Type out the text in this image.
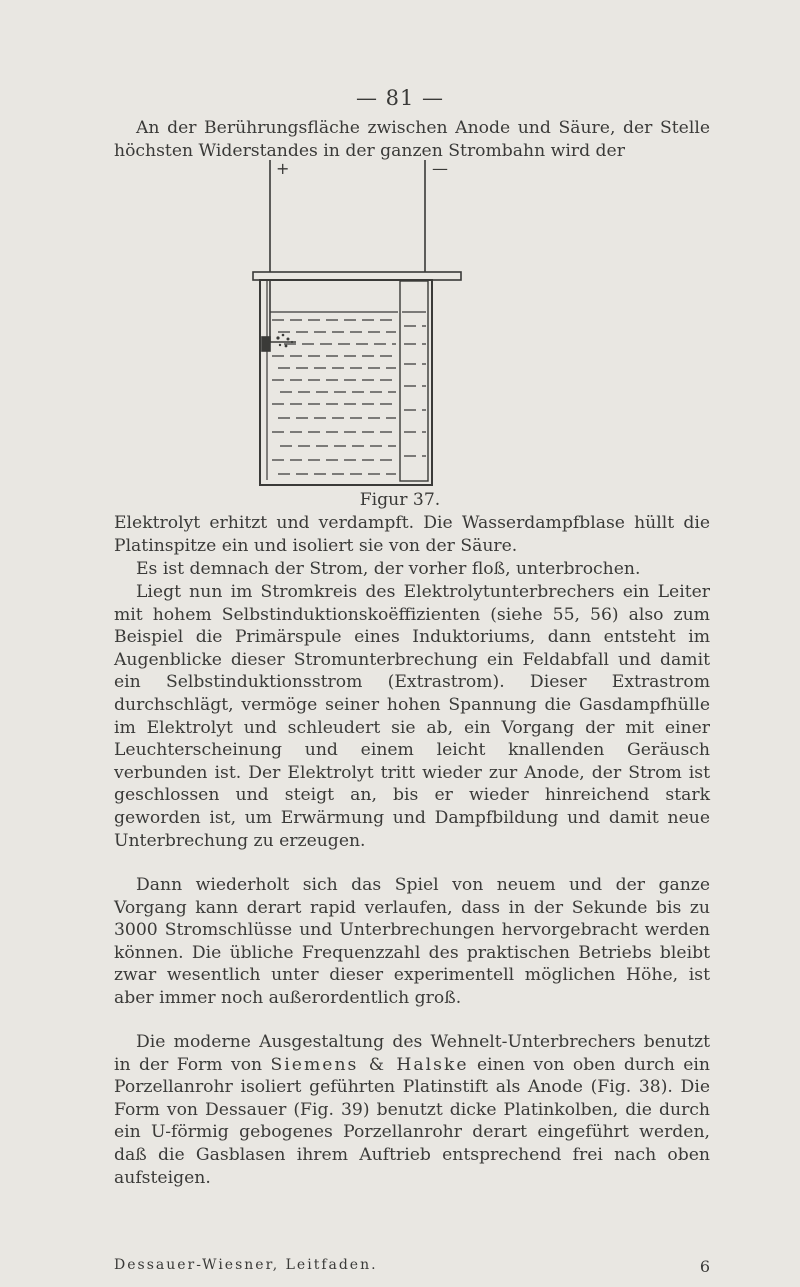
— 81 —
An der Berührungsfläche zwischen Anode und Säure, der Stelle höchsten Widerstandes in der ganzen Strombahn wird der
+	—
Figur 37.
Elektrolyt erhitzt und verdampft. Die Wasserdampfblase hüllt die Platinspitze ein und isoliert sie von der Säure.
Es ist demnach der Strom, der vorher floß, unterbrochen.
Liegt nun im Stromkreis des Elektrolytunterbrechers ein Leiter mit hohem Selbstinduktionskoëffizienten (siehe 55, 56) also zum Beispiel die Primärspule eines Induktoriums, dann entsteht im Augenblicke dieser Stromunterbrechung ein Feldabfall und damit ein Selbstinduktionsstrom (Extrastrom). Dieser Extrastrom durchschlägt, vermöge seiner hohen Spannung die Gasdampfhülle im Elektrolyt und schleudert sie ab, ein Vorgang der mit einer Leuchterscheinung und einem leicht knallenden Geräusch verbunden ist. Der Elektrolyt tritt wieder zur Anode, der Strom ist geschlossen und steigt an, bis er wieder hinreichend stark geworden ist, um Erwärmung und Dampfbildung und damit neue Unterbrechung zu erzeugen.
Dann wiederholt sich das Spiel von neuem und der ganze Vorgang kann derart rapid verlaufen, dass in der Sekunde bis zu 3000 Stromschlüsse und Unterbrechungen hervorgebracht werden können. Die übliche Frequenzzahl des praktischen Betriebs bleibt zwar wesentlich unter dieser experimentell möglichen Höhe, ist aber immer noch außerordentlich groß.
Die moderne Ausgestaltung des Wehnelt-Unterbrechers benutzt in der Form von Siemens & Halske einen von oben durch ein Porzellanrohr isoliert geführten Platinstift als Anode (Fig. 38). Die Form von Dessauer (Fig. 39) benutzt dicke Platinkolben, die durch ein U-förmig gebogenes Porzellanrohr derart eingeführt werden, daß die Gasblasen ihrem Auftrieb entsprechend frei nach oben aufsteigen.
Dessauer-Wiesner, Leitfaden.	6
